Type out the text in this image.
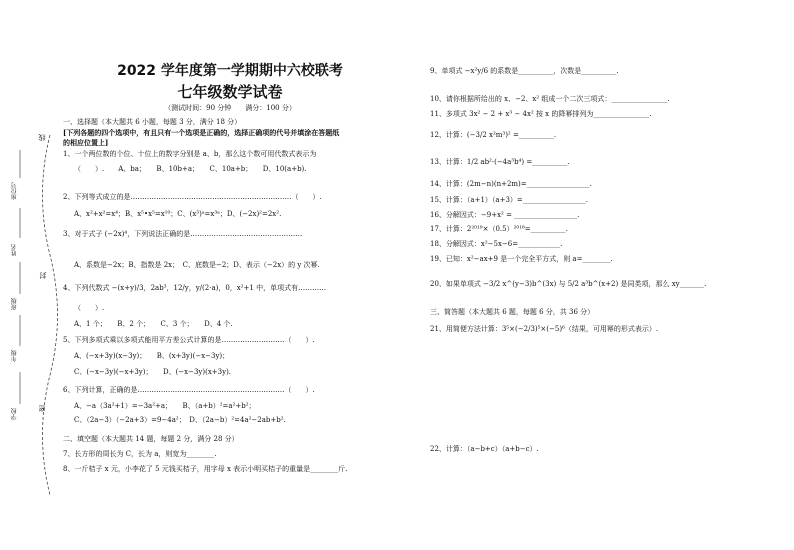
线
封
密
座位号
姓名
班级
年级
学校
2022 学年度第一学期期中六校联考
七年级数学试卷
（测试时间：90 分钟　　满分：100 分）
一、选择题（本大题共 6 小题，每题 3 分，满分 18 分）
[下列各题的四个选项中，有且只有一个选项是正确的，选择正确项的代号并填涂在答题纸
的相应位置上]
1、一个两位数的个位、十位上的数字分别是 a、b，那么这个数可用代数式表示为
（　　）.　　A、ba；　　B、10b+a；　　C、10a+b；　　D、10(a+b).
2、下列等式成立的是……………………………………………………………（　　）.
A、x²+x²=x⁴；B、x⁵•x⁵=x¹⁰；C、(x³)ᵃ=x³ᵃ；D、(−2x)²=2x².
3、对于式子 (−2x)⁴，下列说法正确的是…………………………………………
A、系数是−2x；B、指数是 2x；　C、底数是−2；D、表示（−2x）的 y 次幂.
4、下列代数式 −(x+y)/3，2ab³，12/y，y/(2·a)，0，x²+1 中，单项式有…………
（　　）.
A、1 个；　　B、2 个；　　C、3 个；　　D、4 个.
5、下列多项式乘以多项式能用平方差公式计算的是………………………（　　）.
A、(−x+3y)(x−3y)；　　B、(x+3y)(−x−3y)；
C、(−x−3y)(−x+3y)；　　D、(−x−3y)(x+3y).
6、下列计算，正确的是………………………………………………………（　　）.
A、−a（3a²+1）=−3a²+a；　　B、（a+b）²=a²+b²；
C、（2a−3）（−2a+3）=9−4a²；　D、（2a−b）²=4a²−2ab+b².
二、填空题（本大题共 14 题，每题 2 分，满分 28 分）
7、长方形的周长为 C，长为 a，则宽为________.
8、一斤桔子 x 元，小李花了 5 元钱买桔子，用字母 x 表示小明买桔子的重量是________斤.
9、单项式 −x²y/6 的系数是__________，次数是__________.
10、请你根据所给出的 x、−2、x² 组成一个二次三项式：________________.
11、多项式 3x² − 2 + x³ − 4x² 按 x 的降幂排列为________________.
12、计算：(−3/2 x²m³)² =__________.
13、计算：1/2 ab²·(−4a³b⁴) =__________.
14、计算：(2m−n)(n+2m)=__________________.
15、计算：（a+1）（a+3）=__________________.
16、分解因式：−9+x² = __________________.
17、计算：2²⁰¹⁹×（0.5）²⁰¹⁸=__________.
18、分解因式：x²−5x−6=____________.
19、已知：x²−ax+9 是一个完全平方式，则 a=________.
20、如果单项式 −3/2 x^(y−3)b^(3x) 与 5/2 a³b^(x+2) 是同类项，那么 xy_______.
三、简答题（本大题共 6 题，每题 6 分，共 36 分）
21、用简便方法计算：3⁵×(−2/3)⁵×(−5)⁶（结果，可用幂的形式表示）.
22、计算：（a−b+c）（a+b−c）.
